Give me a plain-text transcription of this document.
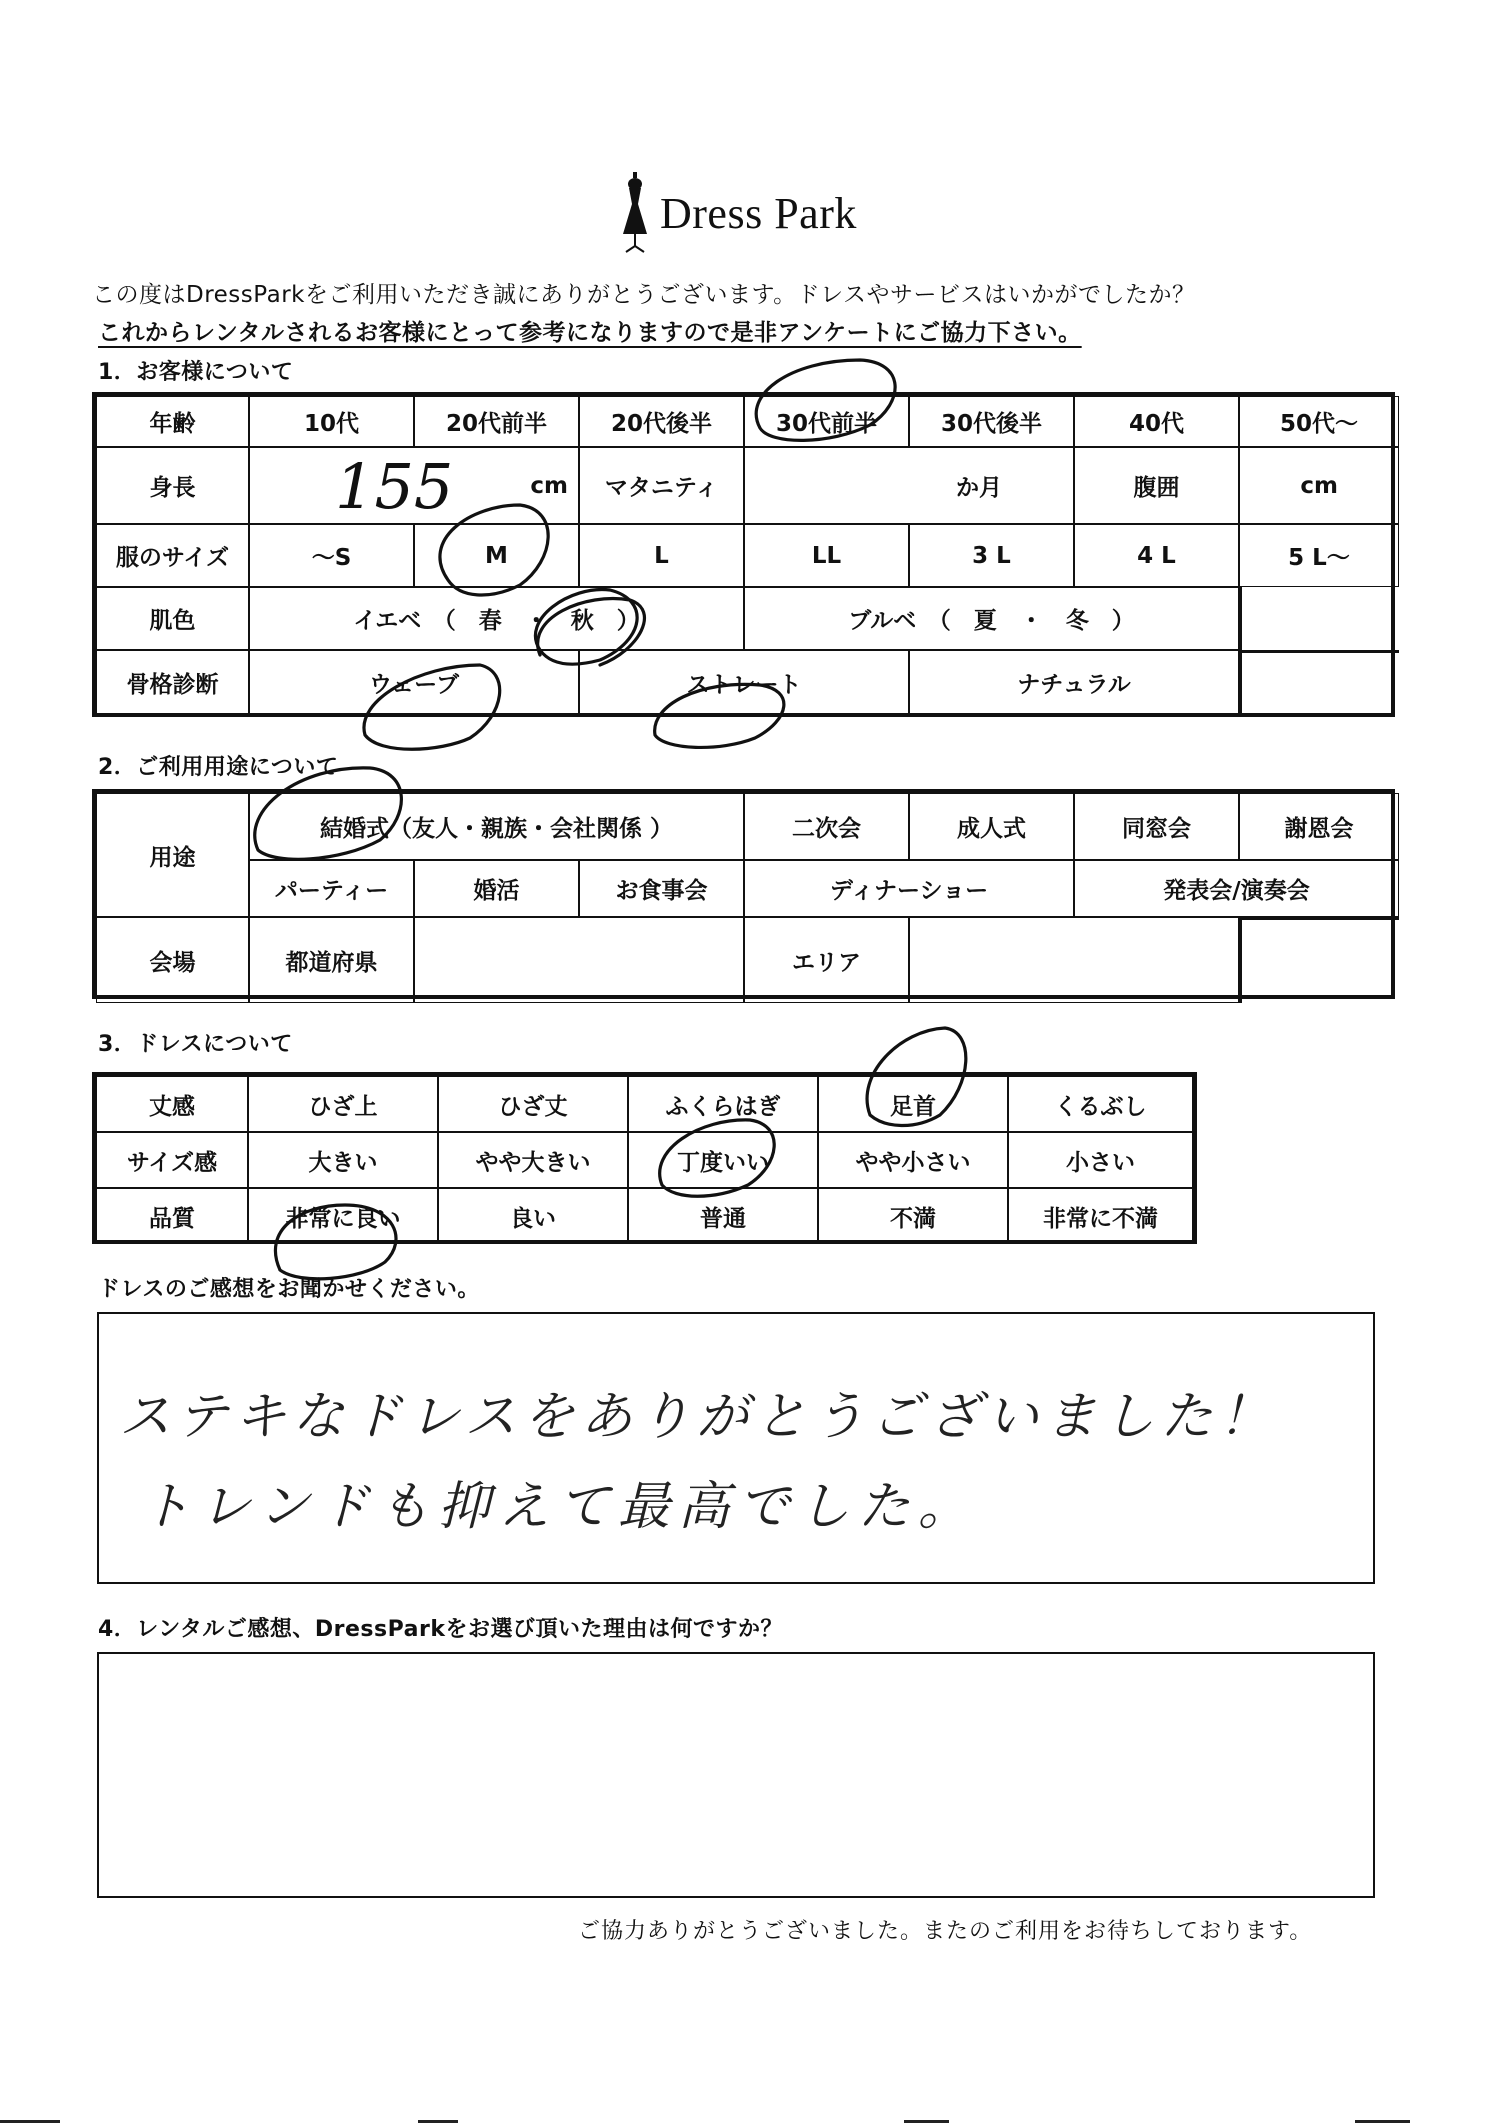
Dress Park
この度はDressParkをご利用いただき誠にありがとうございます。ドレスやサービスはいかがでしたか？
これからレンタルされるお客様にとって参考になりますので是非アンケートにご協力下さい。
1．お客様について
年齢	10代	20代前半	20代後半	30代前半	30代後半	40代	50代～
身長	cm	マタニティ	か月	腹囲	cm
服のサイズ	～S	M	L	LL	3 L	4 L	5 L～
肌色	イエベ　（　春　・　秋　）	ブルベ　（　夏　・　冬　）
骨格診断	ウェーブ	ストレート	ナチュラル
2．ご利用用途について
用途
結婚式（友人・親族・会社関係 ）	二次会	成人式	同窓会	謝恩会
パーティー	婚活	お食事会	ディナーショー	発表会/演奏会
会場	都道府県	エリア
3．ドレスについて
丈感	ひざ上	ひざ丈	ふくらはぎ	足首	くるぶし
サイズ感	大きい	やや大きい	丁度いい	やや小さい	小さい
品質	非常に良い	良い	普通	不満	非常に不満
ドレスのご感想をお聞かせください。
ステキなドレスをありがとうございました！
トレンドも抑えて最高でした。
4．レンタルご感想、DressParkをお選び頂いた理由は何ですか？
ご協力ありがとうございました。またのご利用をお待ちしております。
155
